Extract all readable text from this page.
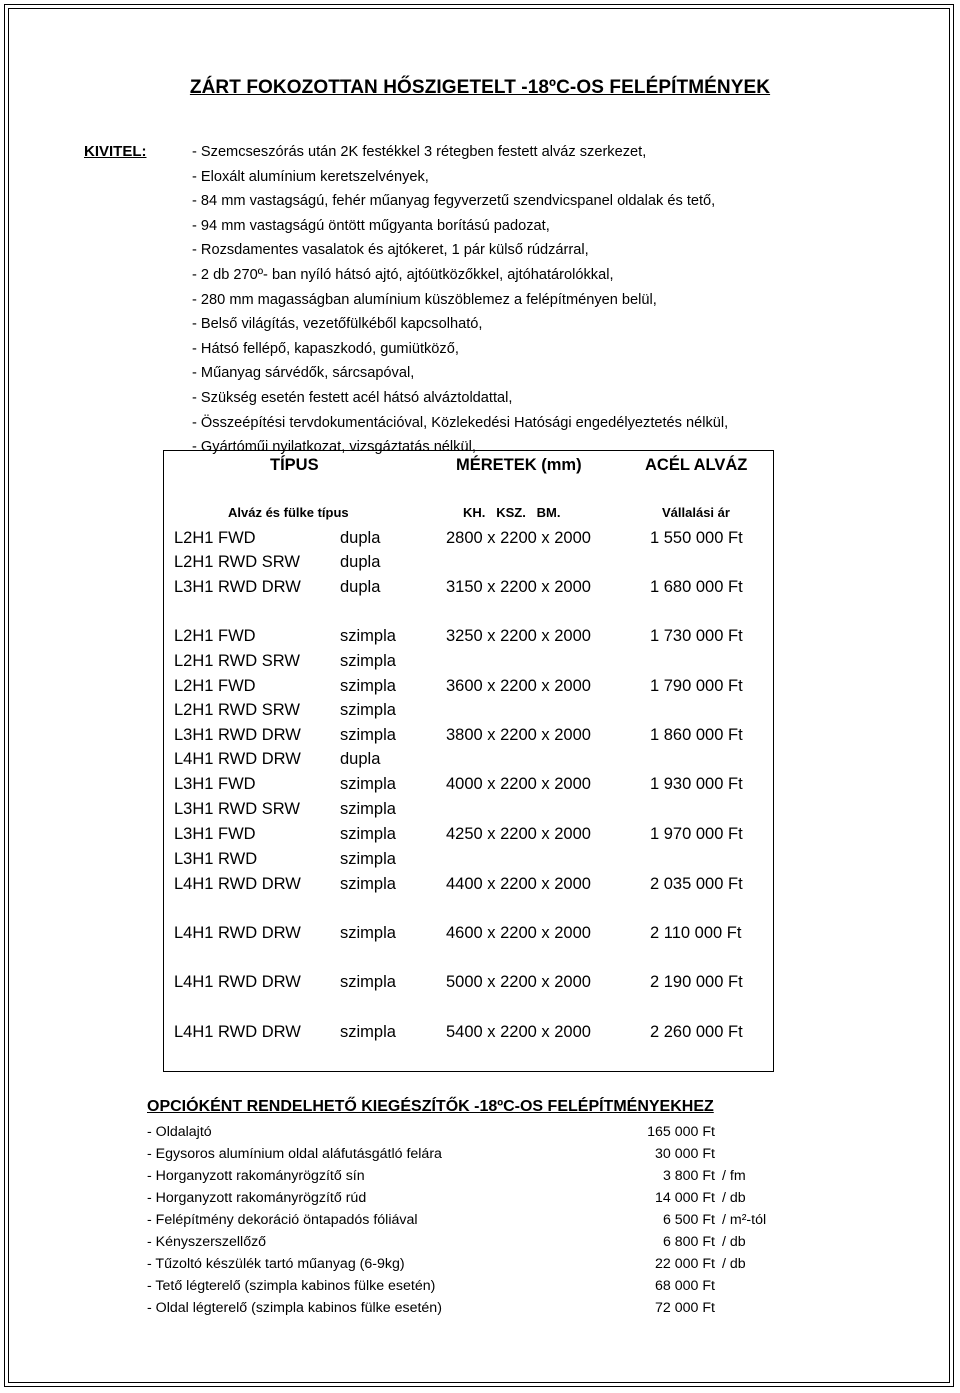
ZÁRT FOKOZOTTAN HŐSZIGETELT -18ºC-OS FELÉPÍTMÉNYEK
KIVITEL:	- Szemcseszórás után 2K festékkel 3 rétegben festett alváz szerkezet,
- Eloxált alumínium keretszelvények,
- 84 mm vastagságú, fehér műanyag fegyverzetű szendvicspanel oldalak és tető,
- 94 mm vastagságú öntött műgyanta borítású padozat,
- Rozsdamentes vasalatok és ajtókeret, 1 pár külső rúdzárral,
- 2 db 270º- ban nyíló hátsó ajtó, ajtóütközőkkel, ajtóhatárolókkal,
- 280 mm magasságban alumínium küszöblemez a felépítményen belül,
- Belső világítás, vezetőfülkéből kapcsolható,
- Hátsó fellépő, kapaszkodó, gumiütköző,
- Műanyag sárvédők, sárcsapóval,
- Szükség esetén festett acél hátsó alváztoldattal,
- Összeépítési tervdokumentációval, Közlekedési Hatósági engedélyeztetés nélkül,
- Gyártóműi nyilatkozat, vizsgáztatás nélkül,
TÍPUS	MÉRETEK (mm)	ACÉL ALVÁZ
Alváz és fülke típus	KH.   KSZ.   BM.	Vállalási ár
L2H1 FWD	dupla	2800 x 2200 x 2000	1 550 000 Ft
L2H1 RWD SRW dupla
L3H1 RWD DRW dupla	3150 x 2200 x 2000	1 680 000 Ft
L2H1 FWD	szimpla	3250 x 2200 x 2000	1 730 000 Ft
L2H1 RWD SRW szimpla
L2H1 FWD	szimpla	3600 x 2200 x 2000	1 790 000 Ft
L2H1 RWD SRW szimpla
L3H1 RWD DRW szimpla	3800 x 2200 x 2000	1 860 000 Ft
L4H1 RWD DRW dupla
L3H1 FWD	szimpla	4000 x 2200 x 2000	1 930 000 Ft
L3H1 RWD SRW szimpla
L3H1 FWD	szimpla	4250 x 2200 x 2000	1 970 000 Ft
L3H1 RWD	szimpla
L4H1 RWD DRW szimpla	4400 x 2200 x 2000	2 035 000 Ft
L4H1 RWD DRW szimpla	4600 x 2200 x 2000	2 110 000 Ft
L4H1 RWD DRW szimpla	5000 x 2200 x 2000	2 190 000 Ft
L4H1 RWD DRW szimpla	5400 x 2200 x 2000	2 260 000 Ft
OPCIÓKÉNT RENDELHETŐ KIEGÉSZÍTŐK -18ºC-OS FELÉPÍTMÉNYEKHEZ
- Oldalajtó	165 000 Ft
- Egysoros alumínium oldal aláfutásgátló felára	30 000 Ft
- Horganyzott rakományrögzítő sín	3 800 Ft / fm
- Horganyzott rakományrögzítő rúd	14 000 Ft / db
- Felépítmény dekoráció öntapadós fóliával	6 500 Ft / m²-tól
- Kényszerszellőző	6 800 Ft / db
- Tűzoltó készülék tartó műanyag (6-9kg)	22 000 Ft / db
- Tető légterelő (szimpla kabinos fülke esetén)	68 000 Ft
- Oldal légterelő (szimpla kabinos fülke esetén)	72 000 Ft
